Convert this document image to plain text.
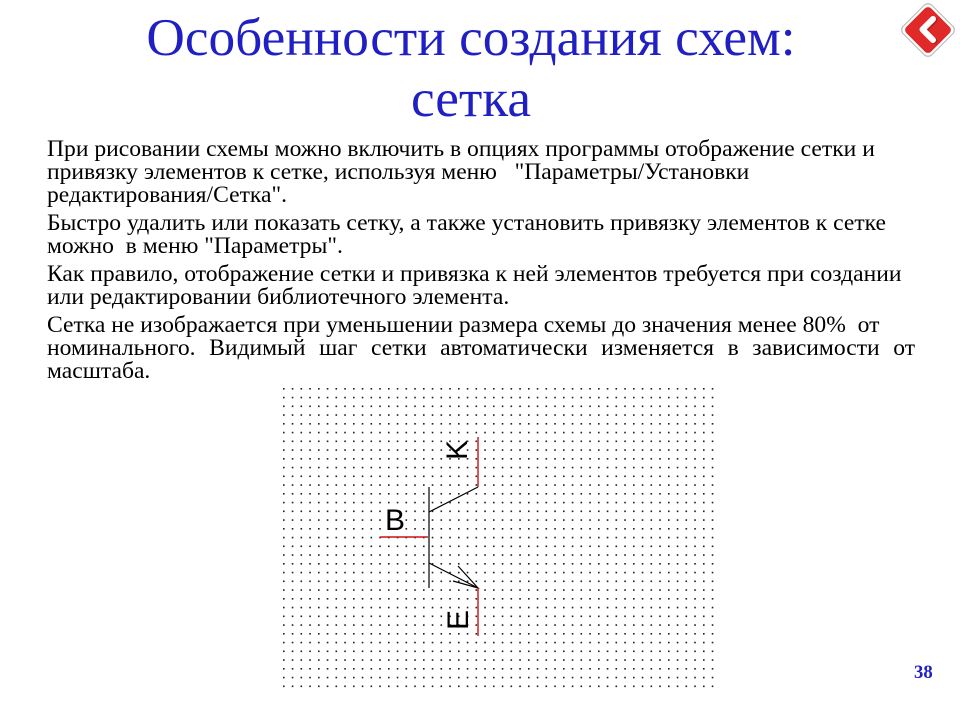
Особенности создания схем:
сетка
При рисовании схемы можно включить в опциях программы отображение сетки и
привязку элементов к сетке, используя меню   "Параметры/Установки
редактирования/Сетка".
Быстро удалить или показать сетку, а также установить привязку элементов к сетке
можно  в меню "Параметры".
Как правило, отображение сетки и привязка к ней элементов требуется при создании
или редактировании библиотечного элемента.
Сетка не изображается при уменьшении размера схемы до значения менее 80%  от
номинального. Видимый шаг сетки автоматически изменяется в зависимости от
масштаба.
B
K
E
38
